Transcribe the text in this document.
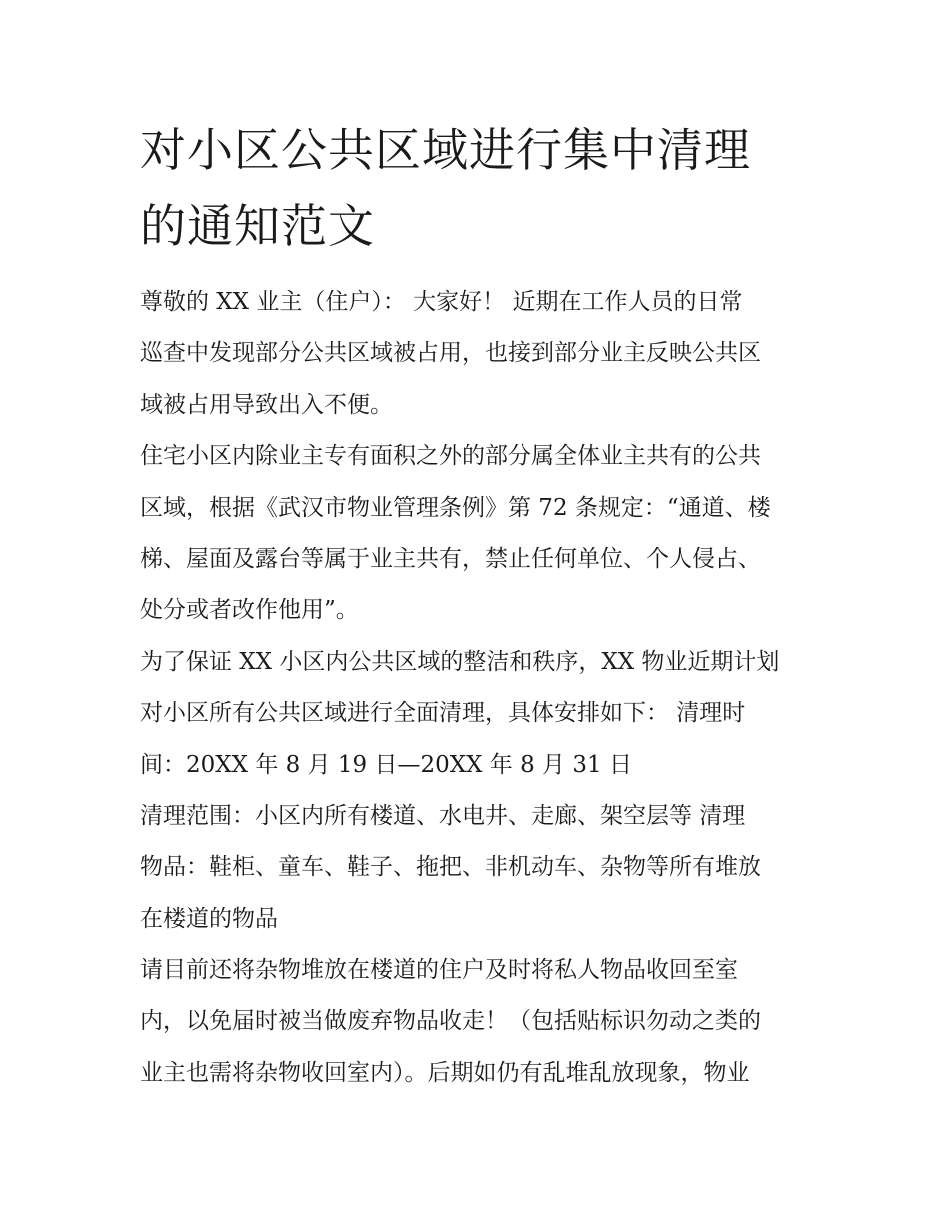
对小区公共区域进行集中清理
的通知范文
尊敬的 XX 业主（住户）： 大家好！ 近期在工作人员的日常
巡查中发现部分公共区域被占用，也接到部分业主反映公共区
域被占用导致出入不便。
住宅小区内除业主专有面积之外的部分属全体业主共有的公共
区域，根据《武汉市物业管理条例》第 72 条规定：“通道、楼
梯、屋面及露台等属于业主共有，禁止任何单位、个人侵占、
处分或者改作他用”。
为了保证 XX 小区内公共区域的整洁和秩序，XX 物业近期计划
对小区所有公共区域进行全面清理，具体安排如下： 清理时
间：20XX 年 8 月 19 日—20XX 年 8 月 31 日
清理范围：小区内所有楼道、水电井、走廊、架空层等 清理
物品：鞋柜、童车、鞋子、拖把、非机动车、杂物等所有堆放
在楼道的物品
请目前还将杂物堆放在楼道的住户及时将私人物品收回至室
内，以免届时被当做废弃物品收走！（包括贴标识勿动之类的
业主也需将杂物收回室内）。后期如仍有乱堆乱放现象，物业
